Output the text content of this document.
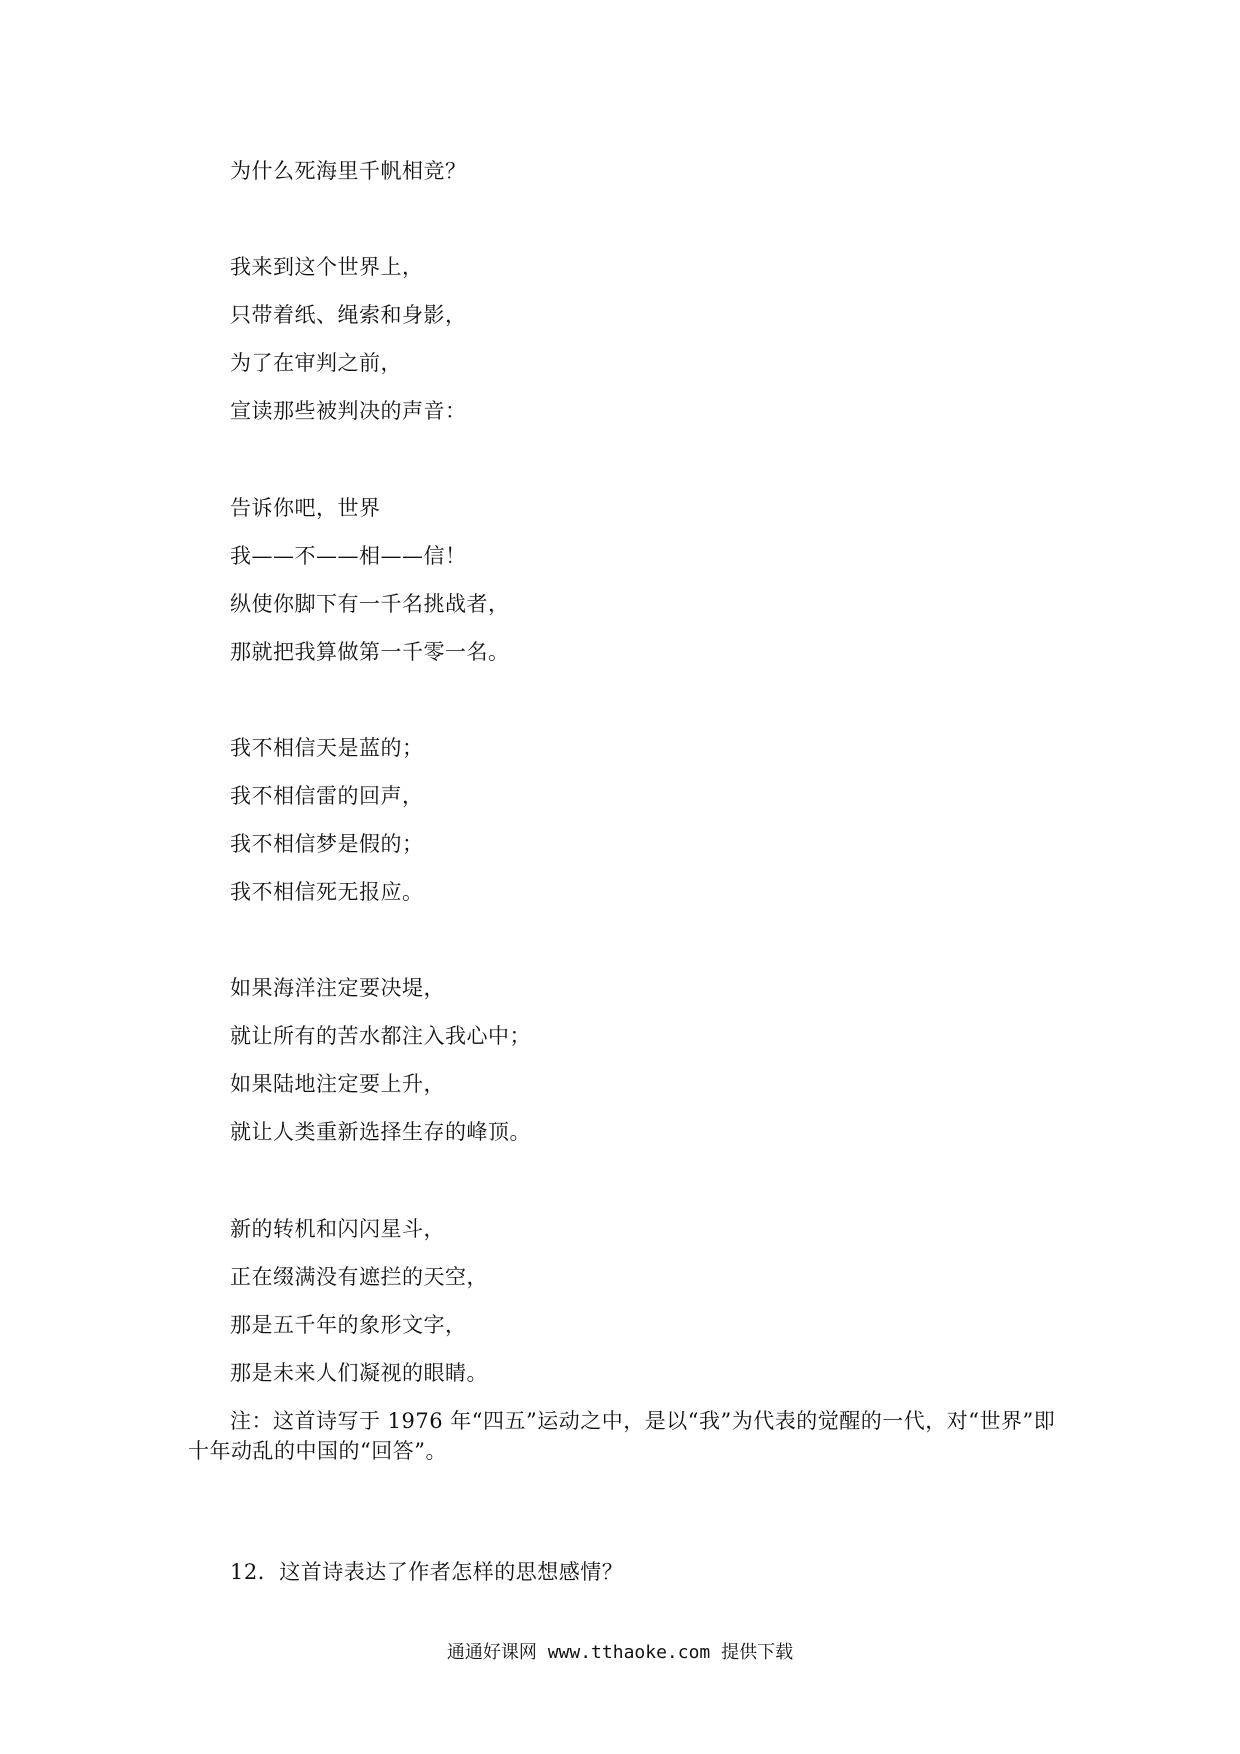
为什么死海里千帆相竞？
我来到这个世界上，
只带着纸、绳索和身影，
为了在审判之前，
宣读那些被判决的声音：
告诉你吧，世界
我——不——相——信！
纵使你脚下有一千名挑战者，
那就把我算做第一千零一名。
我不相信天是蓝的；
我不相信雷的回声，
我不相信梦是假的；
我不相信死无报应。
如果海洋注定要决堤，
就让所有的苦水都注入我心中；
如果陆地注定要上升，
就让人类重新选择生存的峰顶。
新的转机和闪闪星斗，
正在缀满没有遮拦的天空，
那是五千年的象形文字，
那是未来人们凝视的眼睛。

注：这首诗写于 1976 年“四五”运动之中，是以“我”为代表的觉醒的一代，对“世界”即十年动乱的中国的“回答”。

12．这首诗表达了作者怎样的思想感情？
通通好课网 www.tthaoke.com 提供下载
